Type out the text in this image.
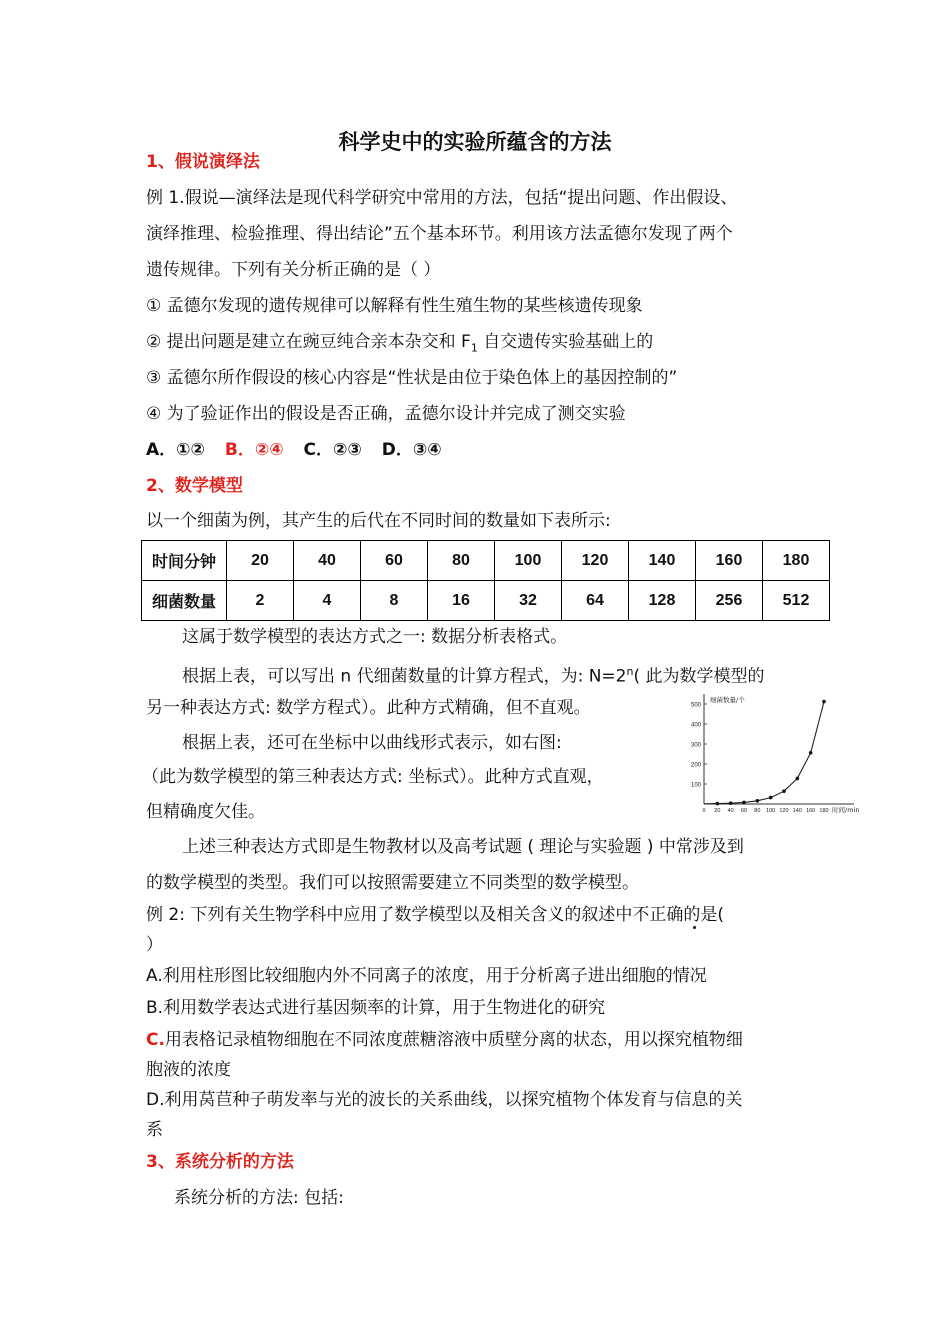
科学史中的实验所蕴含的方法
1、假说演绎法
例 1.假说—演绎法是现代科学研究中常用的方法，包括“提出问题、作出假设、
演绎推理、检验推理、得出结论”五个基本环节。利用该方法孟德尔发现了两个
遗传规律。下列有关分析正确的是（ ）
① 孟德尔发现的遗传规律可以解释有性生殖生物的某些核遗传现象
② 提出问题是建立在豌豆纯合亲本杂交和 $F_1$ 自交遗传实验基础上的
③ 孟德尔所作假设的核心内容是“性状是由位于染色体上的基因控制的”
④ 为了验证作出的假设是否正确，孟德尔设计并完成了测交实验
A．①② B．②④ C．②③ D．③④
2、数学模型
以一个细菌为例，其产生的后代在不同时间的数量如下表所示:
时间分钟	20	40	60	80	100	120	140	160	180
细菌数量	2	4	8	16	32	64	128	256	512
这属于数学模型的表达方式之一: 数据分析表格式。
根据上表，可以写出 n 代细菌数量的计算方程式，为: $N=2^n$( 此为数学模型的
另一种表达方式: 数学方程式）。此种方式精确，但不直观。
根据上表，还可在坐标中以曲线形式表示，如右图:
（此为数学模型的第三种表达方式: 坐标式）。此种方式直观，
但精确度欠佳。
100
200
300
400
500
0 20 40 60 80 100 120 140 160 180
细菌数量/个
时间/min
上述三种表达方式即是生物教材以及高考试题 ( 理论与实验题 ) 中常涉及到
的数学模型的类型。我们可以按照需要建立不同类型的数学模型。
例 2: 下列有关生物学科中应用了数学模型以及相关含义的叙述中不正确的是(
）
A.利用柱形图比较细胞内外不同离子的浓度，用于分析离子进出细胞的情况
B.利用数学表达式进行基因频率的计算，用于生物进化的研究
C.用表格记录植物细胞在不同浓度蔗糖溶液中质壁分离的状态，用以探究植物细
胞液的浓度
D.利用莴苣种子萌发率与光的波长的关系曲线，以探究植物个体发育与信息的关
系
3、系统分析的方法
系统分析的方法: 包括:
